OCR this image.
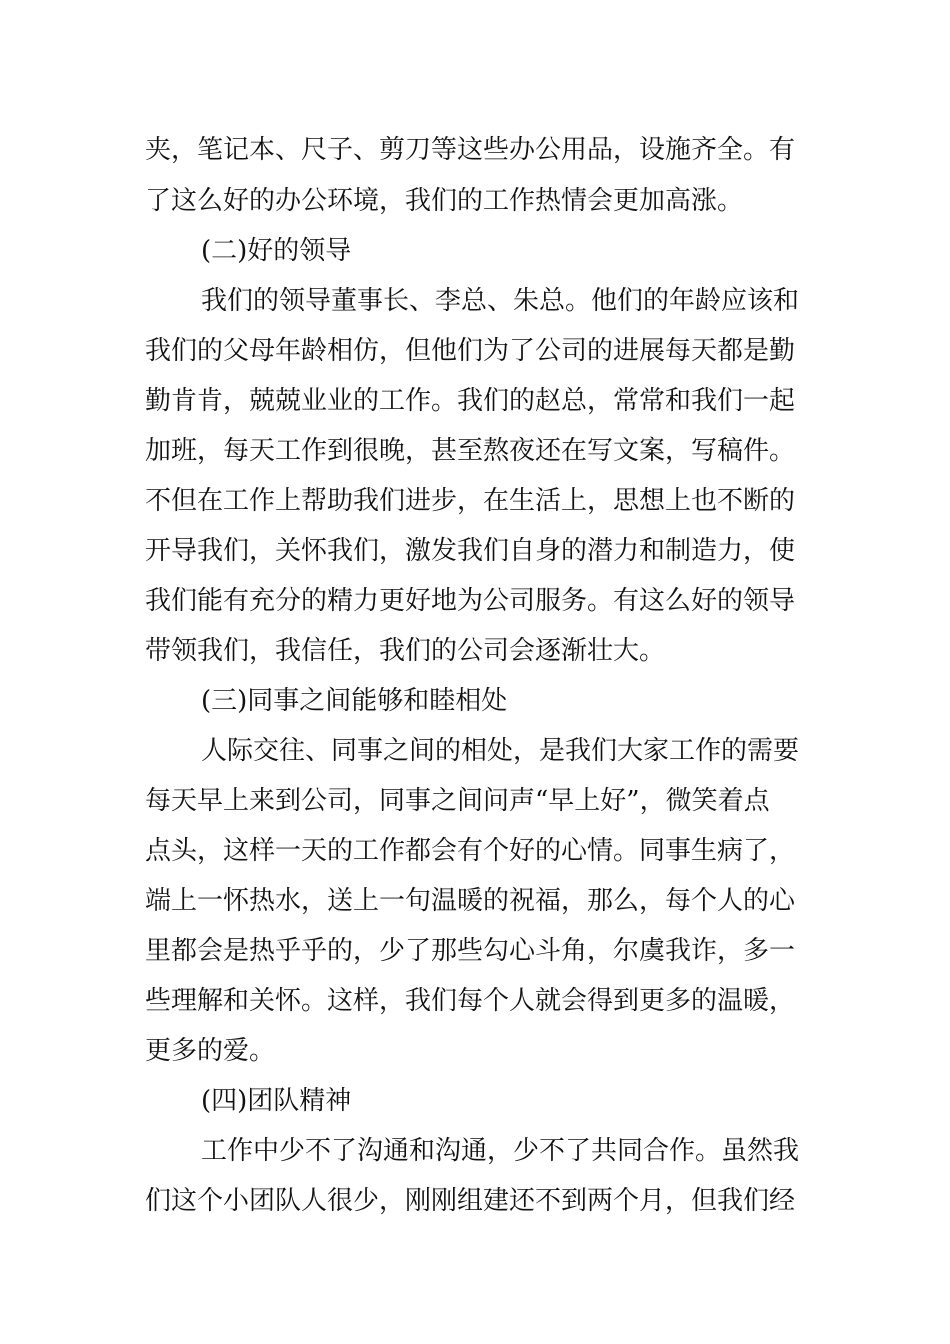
夹，笔记本、尺子、剪刀等这些办公用品，设施齐全。有
了这么好的办公环境，我们的工作热情会更加高涨。
(二)好的领导
我们的领导董事长、李总、朱总。他们的年龄应该和
我们的父母年龄相仿，但他们为了公司的进展每天都是勤
勤肯肯，兢兢业业的工作。我们的赵总，常常和我们一起
加班，每天工作到很晚，甚至熬夜还在写文案，写稿件。
不但在工作上帮助我们进步，在生活上，思想上也不断的
开导我们，关怀我们，激发我们自身的潜力和制造力，使
我们能有充分的精力更好地为公司服务。有这么好的领导
带领我们，我信任，我们的公司会逐渐壮大。
(三)同事之间能够和睦相处
人际交往、同事之间的相处，是我们大家工作的需要
每天早上来到公司，同事之间问声“早上好”，微笑着点
点头，这样一天的工作都会有个好的心情。同事生病了，
端上一怀热水，送上一句温暖的祝福，那么，每个人的心
里都会是热乎乎的，少了那些勾心斗角，尔虞我诈，多一
些理解和关怀。这样，我们每个人就会得到更多的温暖，
更多的爱。
(四)团队精神
工作中少不了沟通和沟通，少不了共同合作。虽然我
们这个小团队人很少，刚刚组建还不到两个月，但我们经
